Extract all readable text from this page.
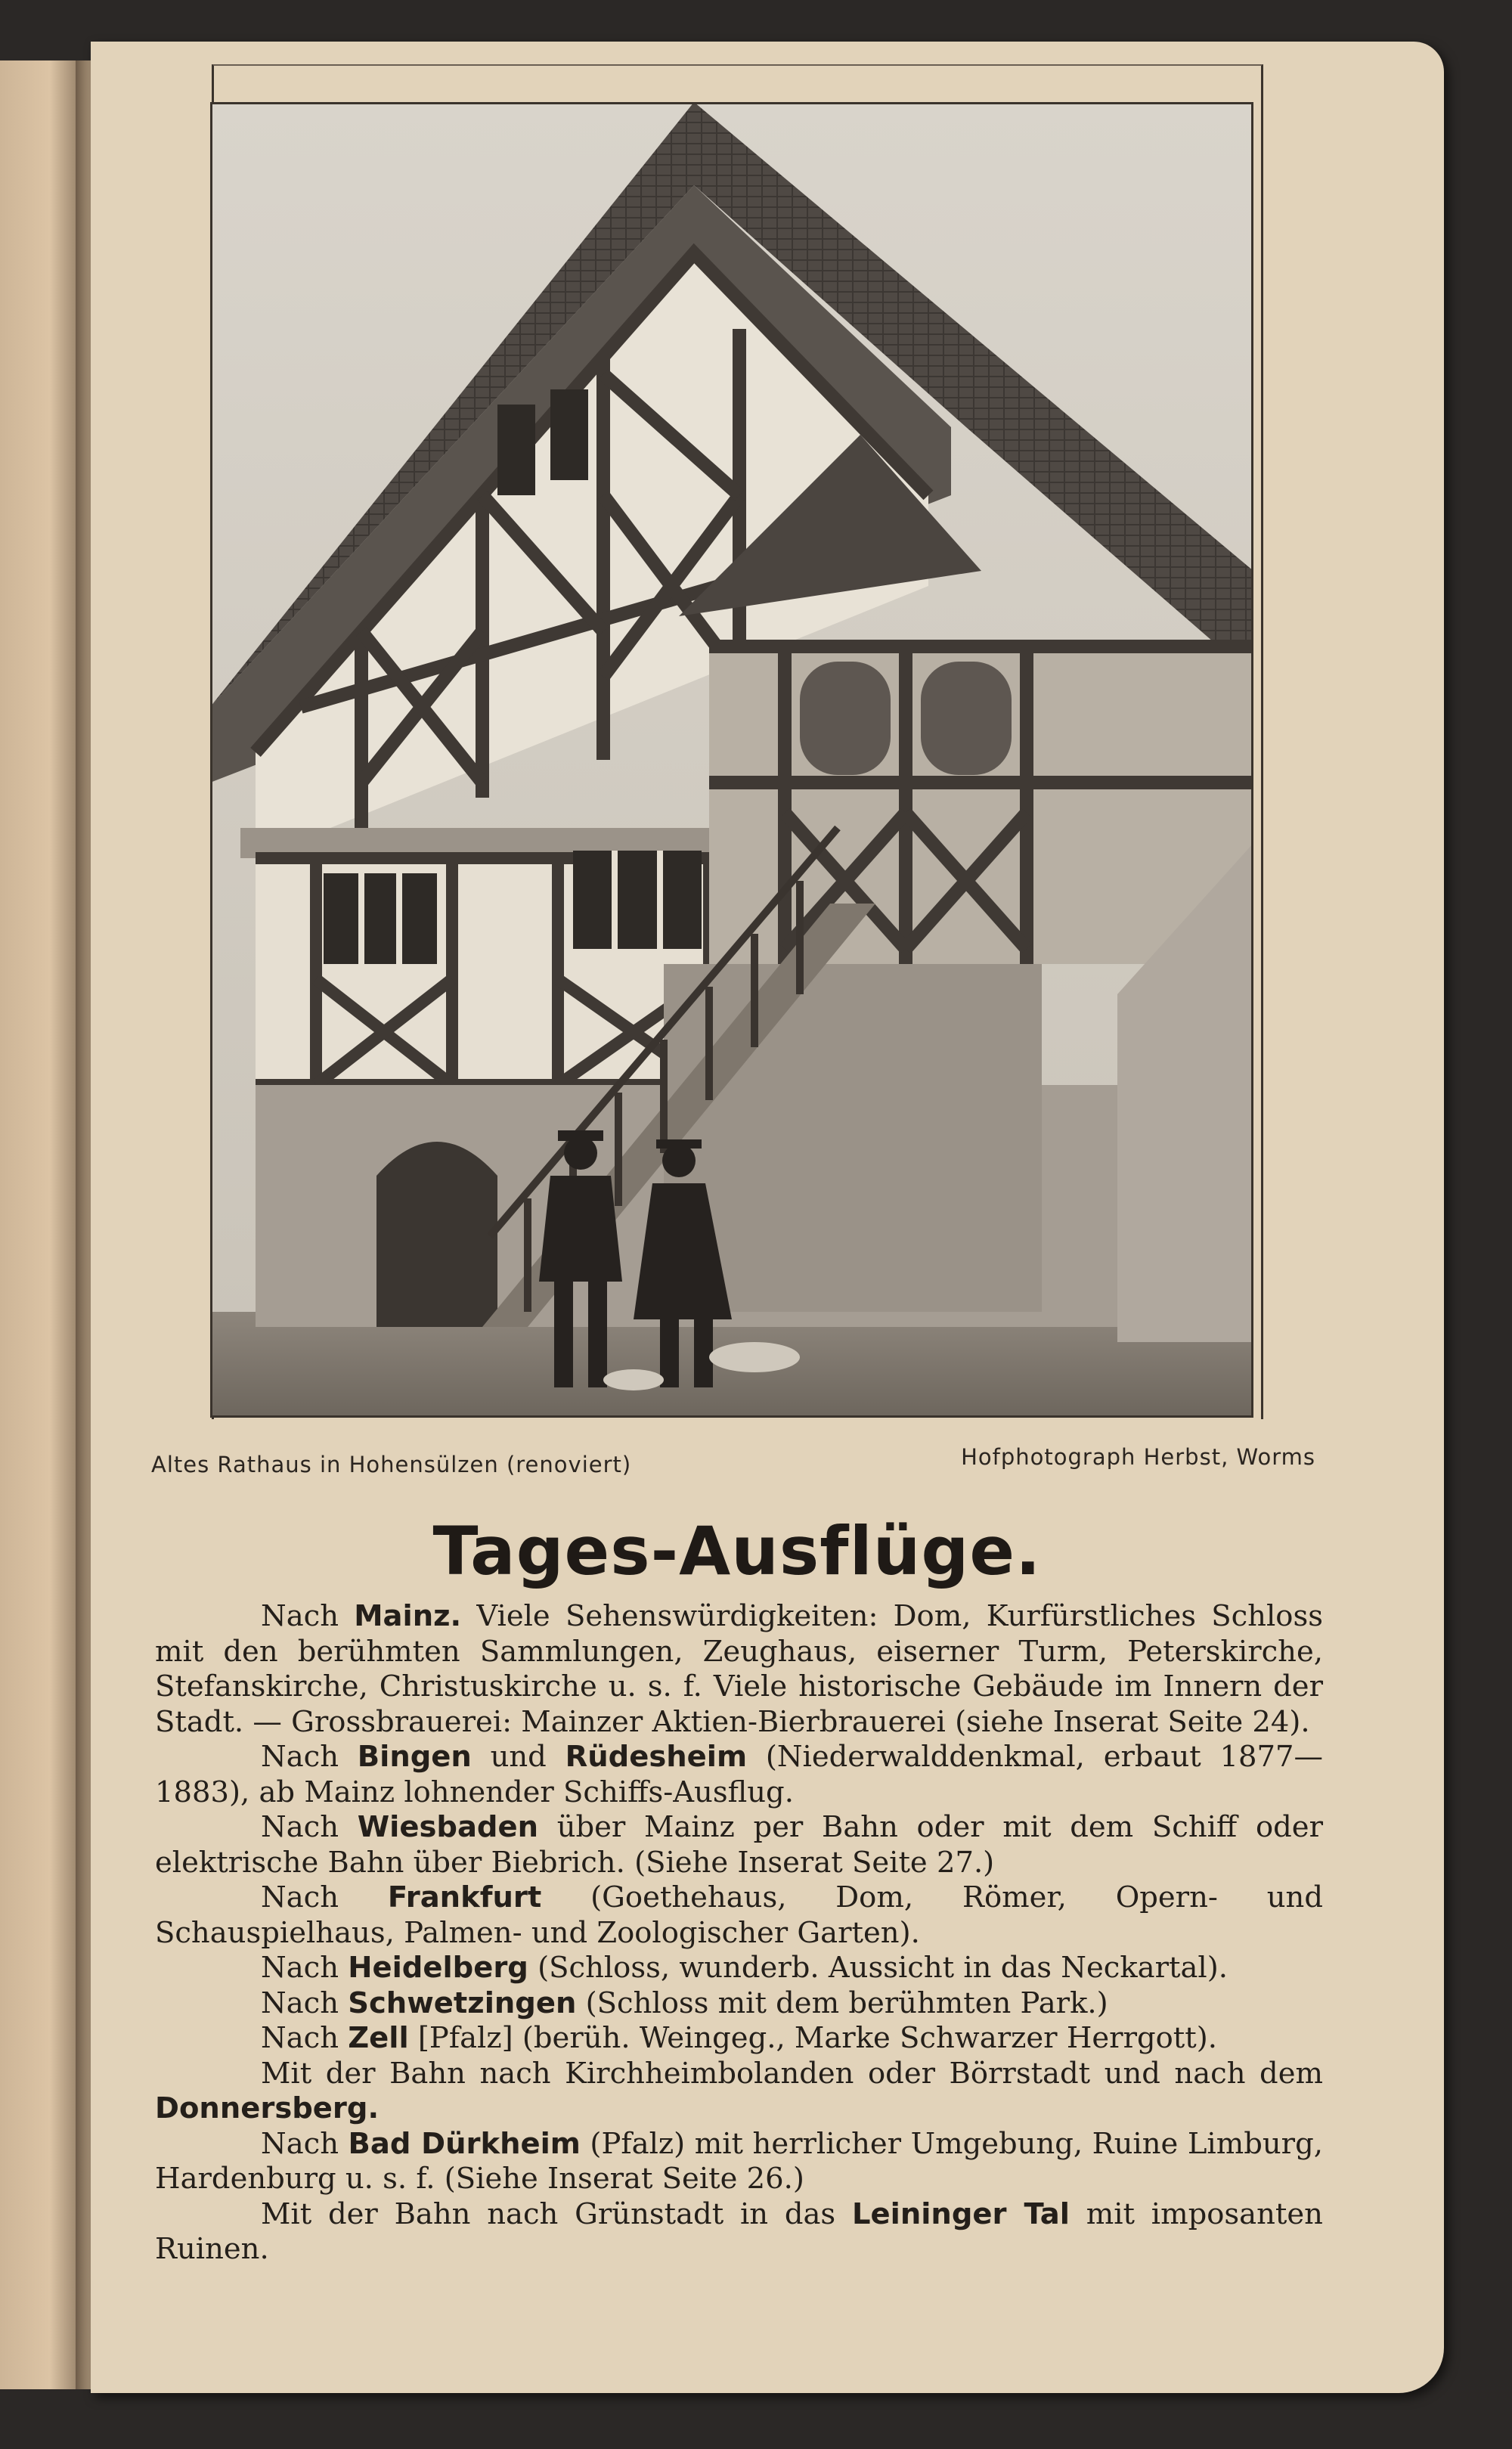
Altes Rathaus in Hohensülzen (renoviert)	Hofphotograph Herbst, Worms
Tages-Ausflüge.

Nach Mainz. Viele Sehenswürdigkeiten: Dom, Kurfürstliches Schloss mit den berühmten Sammlungen, Zeughaus, eiserner Turm, Peterskirche, Stefanskirche, Christuskirche u. s. f. Viele historische Gebäude im Innern der Stadt. — Grossbrauerei: Mainzer Aktien-Bierbrauerei (siehe Inserat Seite 24).

Nach Bingen und Rüdesheim (Niederwalddenkmal, erbaut 1877—1883), ab Mainz lohnender Schiffs-Ausflug.

Nach Wiesbaden über Mainz per Bahn oder mit dem Schiff oder elektrische Bahn über Biebrich. (Siehe Inserat Seite 27.)

Nach Frankfurt (Goethehaus, Dom, Römer, Opern- und Schauspielhaus, Palmen- und Zoologischer Garten).

Nach Heidelberg (Schloss, wunderb. Aussicht in das Neckartal).

Nach Schwetzingen (Schloss mit dem berühmten Park.)

Nach Zell [Pfalz] (berüh. Weingeg., Marke Schwarzer Herrgott).

Mit der Bahn nach Kirchheimbolanden oder Börrstadt und nach dem Donnersberg.

Nach Bad Dürkheim (Pfalz) mit herrlicher Umgebung, Ruine Limburg, Hardenburg u. s. f. (Siehe Inserat Seite 26.)

Mit der Bahn nach Grünstadt in das Leininger Tal mit imposanten Ruinen.
